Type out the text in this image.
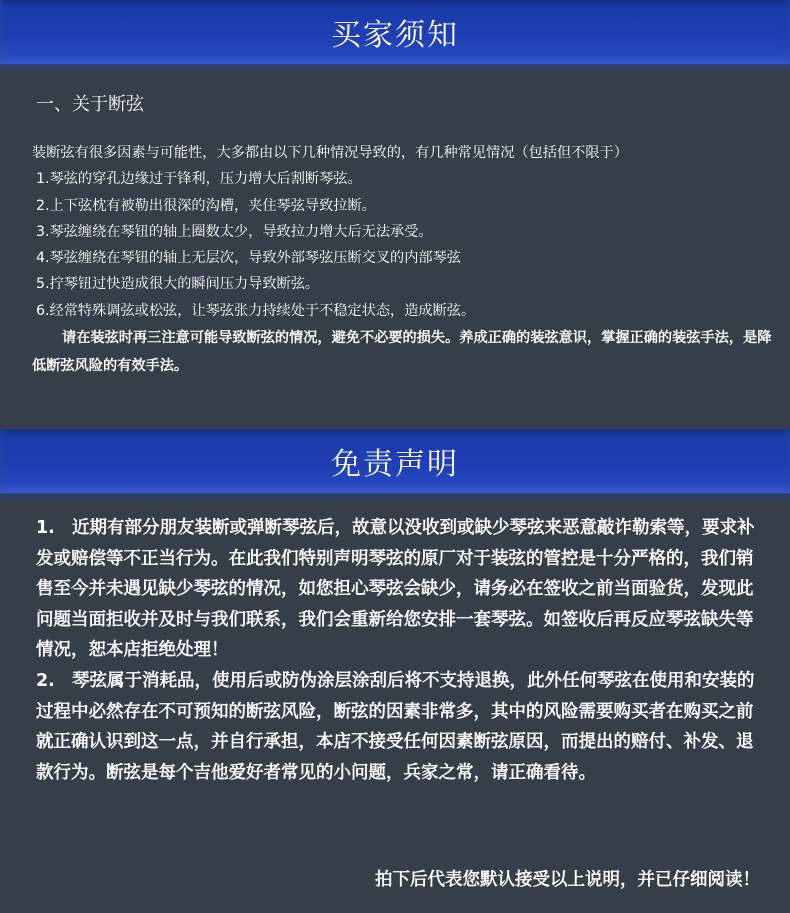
买家须知
一、关于断弦
装断弦有很多因素与可能性，大多都由以下几种情况导致的，有几种常见情况（包括但不限于）
1.琴弦的穿孔边缘过于锋利，压力增大后割断琴弦。
2.上下弦枕有被勒出很深的沟槽，夹住琴弦导致拉断。
3.琴弦缠绕在琴钮的轴上圈数太少，导致拉力增大后无法承受。
4.琴弦缠绕在琴钮的轴上无层次，导致外部琴弦压断交叉的内部琴弦
5.拧琴钮过快造成很大的瞬间压力导致断弦。
6.经常特殊调弦或松弦，让琴弦张力持续处于不稳定状态，造成断弦。
请在装弦时再三注意可能导致断弦的情况，避免不必要的损失。养成正确的装弦意识，掌握正确的装弦手法，是降低断弦风险的有效手法。
免责声明

1. 近期有部分朋友装断或弹断琴弦后，故意以没收到或缺少琴弦来恶意敲诈勒索等，要求补发或赔偿等不正当行为。在此我们特别声明琴弦的原厂对于装弦的管控是十分严格的，我们销售至今并未遇见缺少琴弦的情况，如您担心琴弦会缺少，请务必在签收之前当面验货，发现此问题当面拒收并及时与我们联系，我们会重新给您安排一套琴弦。如签收后再反应琴弦缺失等情况，恕本店拒绝处理！

2. 琴弦属于消耗品，使用后或防伪涂层涂刮后将不支持退换，此外任何琴弦在使用和安装的过程中必然存在不可预知的断弦风险，断弦的因素非常多，其中的风险需要购买者在购买之前就正确认识到这一点，并自行承担，本店不接受任何因素断弦原因，而提出的赔付、补发、退款行为。断弦是每个吉他爱好者常见的小问题，兵家之常，请正确看待。

拍下后代表您默认接受以上说明，并已仔细阅读！
